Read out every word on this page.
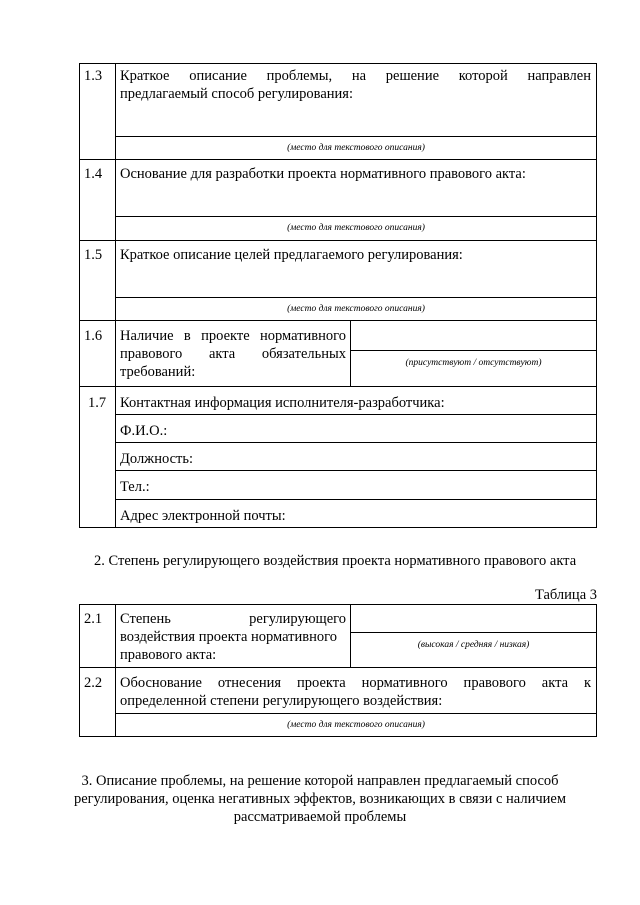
1.3 Краткое описание проблемы, на решение которой направлен
предлагаемый способ регулирования:
(место для текстового описания)
1.4 Основание для разработки проекта нормативного правового акта:
(место для текстового описания)
1.5 Краткое описание целей предлагаемого регулирования:
(место для текстового описания)
1.6 Наличие в проекте нормативного
правового акта обязательных
требований:
(присутствуют / отсутствуют)
1.7 Контактная информация исполнителя-разработчика:
Ф.И.О.:
Должность:
Тел.:
Адрес электронной почты:
2. Степень регулирующего воздействия проекта нормативного правового акта
Таблица 3
2.1 Степень регулирующего
воздействия проекта нормативного
правового акта:
(высокая / средняя / низкая)
2.2 Обоснование отнесения проекта нормативного правового акта к
определенной степени регулирующего воздействия:
(место для текстового описания)
3. Описание проблемы, на решение которой направлен предлагаемый способ
регулирования, оценка негативных эффектов, возникающих в связи с наличием
рассматриваемой проблемы
